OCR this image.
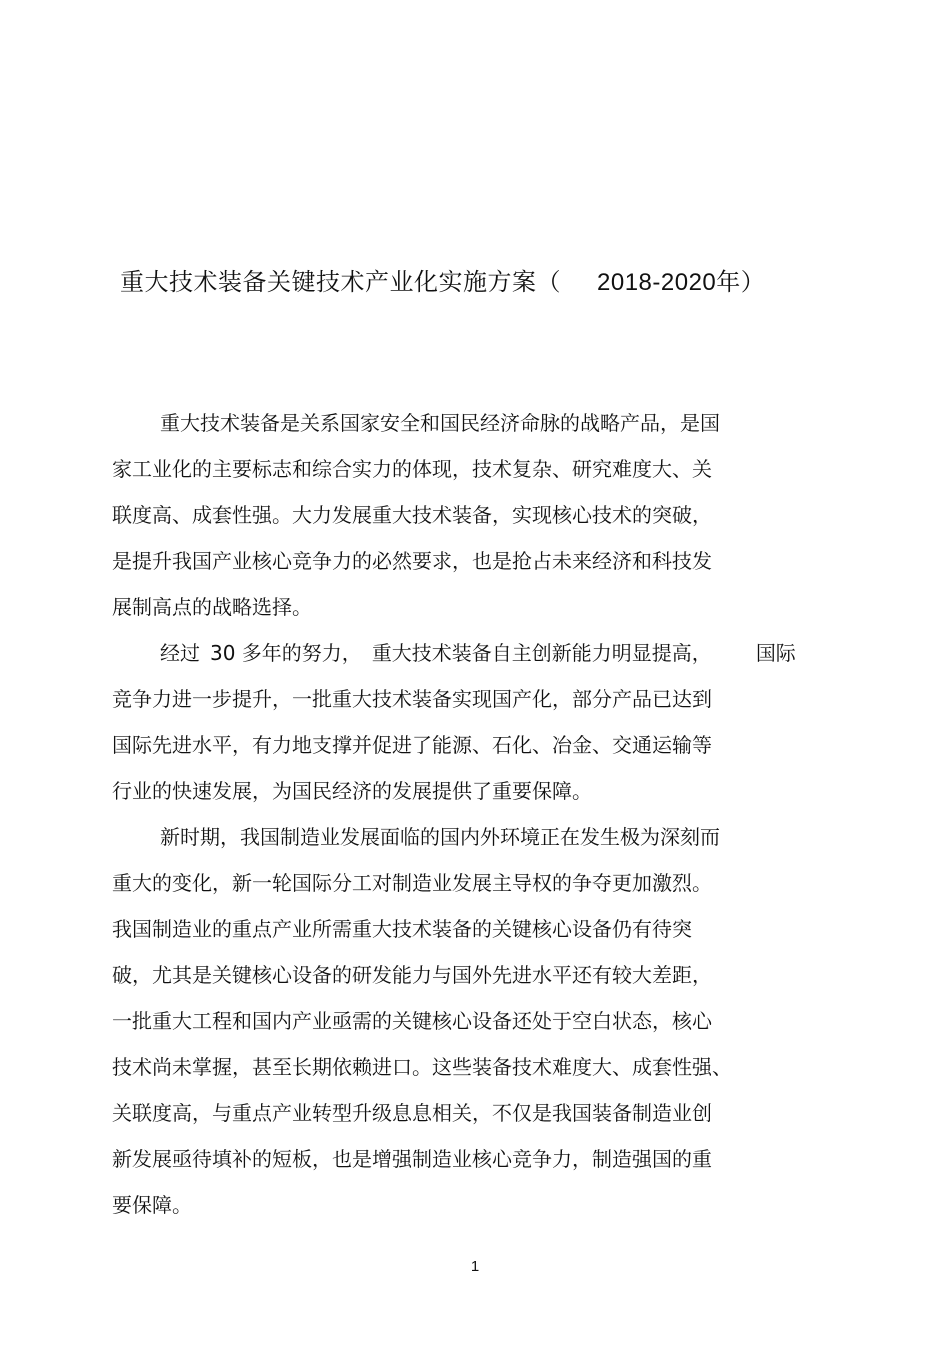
重大技术装备关键技术产业化实施方案（ 2018-2020年）
重大技术装备是关系国家安全和国民经济命脉的战略产品，是国
家工业化的主要标志和综合实力的体现，技术复杂、研究难度大、关
联度高、成套性强。大力发展重大技术装备，实现核心技术的突破，
是提升我国产业核心竞争力的必然要求，也是抢占未来经济和科技发
展制高点的战略选择。
经过 30 多年的努力， 重大技术装备自主创新能力明显提高， 国际
竞争力进一步提升，一批重大技术装备实现国产化，部分产品已达到
国际先进水平，有力地支撑并促进了能源、石化、冶金、交通运输等
行业的快速发展，为国民经济的发展提供了重要保障。
新时期，我国制造业发展面临的国内外环境正在发生极为深刻而
重大的变化，新一轮国际分工对制造业发展主导权的争夺更加激烈。
我国制造业的重点产业所需重大技术装备的关键核心设备仍有待突
破，尤其是关键核心设备的研发能力与国外先进水平还有较大差距，
一批重大工程和国内产业亟需的关键核心设备还处于空白状态，核心
技术尚未掌握，甚至长期依赖进口。这些装备技术难度大、成套性强、
关联度高，与重点产业转型升级息息相关，不仅是我国装备制造业创
新发展亟待填补的短板，也是增强制造业核心竞争力，制造强国的重
要保障。
1
